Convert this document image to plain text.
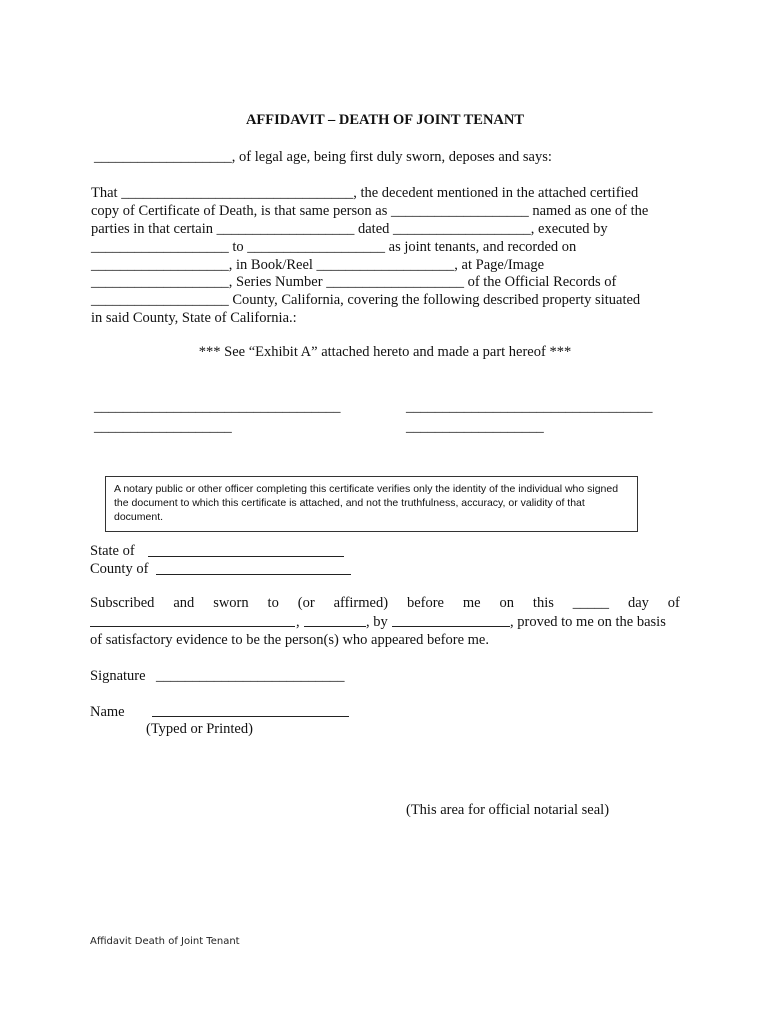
AFFIDAVIT – DEATH OF JOINT TENANT
___________________, of legal age, being first duly sworn, deposes and says:
That ________________________________, the decedent mentioned in the attached certified
copy of Certificate of Death, is that same person as ___________________ named as one of the
parties in that certain ___________________ dated ___________________, executed by
___________________ to ___________________ as joint tenants, and recorded on
___________________, in Book/Reel ___________________, at Page/Image
___________________, Series Number ___________________ of the Official Records of
___________________ County, California, covering the following described property situated
in said County, State of California.:
*** See “Exhibit A” attached hereto and made a part hereof ***
__________________________________
___________________
__________________________________
___________________
A notary public or other officer completing this certificate verifies only the identity of the individual who signed the document to which this certificate is attached, and not the truthfulness, accuracy, or validity of that document.
State of
County of
Subscribed and sworn to (or affirmed) before me on this _____ day of
,	, by	, proved to me on the basis
of satisfactory evidence to be the person(s) who appeared before me.
Signature __________________________
Name
(Typed or Printed)
(This area for official notarial seal)
Affidavit Death of Joint Tenant
